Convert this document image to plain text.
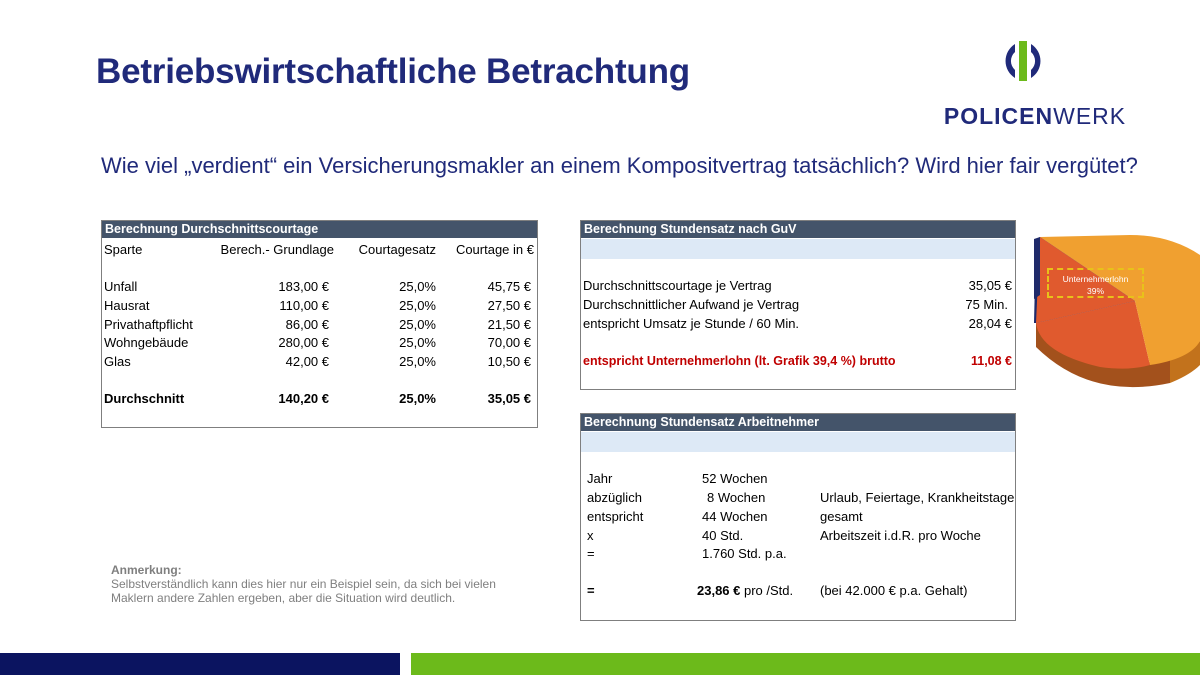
Betriebswirtschaftliche Betrachtung
Wie viel „verdient“ ein Versicherungsmakler an einem Kompositvertrag tatsächlich? Wird hier fair vergütet?
POLICENWERK
Berechnung Durchschnittscourtage
Sparte	Berech.- Grundlage	Courtagesatz	Courtage in €
Unfall	183,00 €	25,0%	45,75 €
Hausrat	110,00 €	25,0%	27,50 €
Privathaftpflicht	86,00 €	25,0%	21,50 €
Wohngebäude	280,00 €	25,0%	70,00 €
Glas	42,00 €	25,0%	10,50 €
Durchschnitt	140,20 €	25,0%	35,05 €
Berechnung Stundensatz nach GuV
Durchschnittscourtage je Vertrag	35,05 €
Durchschnittlicher Aufwand je Vertrag	75 Min.
entspricht Umsatz je Stunde / 60 Min.	28,04 €
entspricht Unternehmerlohn (lt. Grafik 39,4 %) brutto	11,08 €
Berechnung Stundensatz Arbeitnehmer
Jahr	52 Wochen
abzüglich	8 Wochen	Urlaub, Feiertage, Krankheitstage
entspricht	44 Wochen	gesamt
x	40 Std.	Arbeitszeit i.d.R. pro Woche
=	1.760 Std. p.a.
=	23,86 € pro /Std. (bei 42.000 € p.a. Gehalt)
Unternehmerlohn
39%
Anmerkung:
Selbstverständlich kann dies hier nur ein Beispiel sein, da sich bei vielen
Maklern andere Zahlen ergeben, aber die Situation wird deutlich.
